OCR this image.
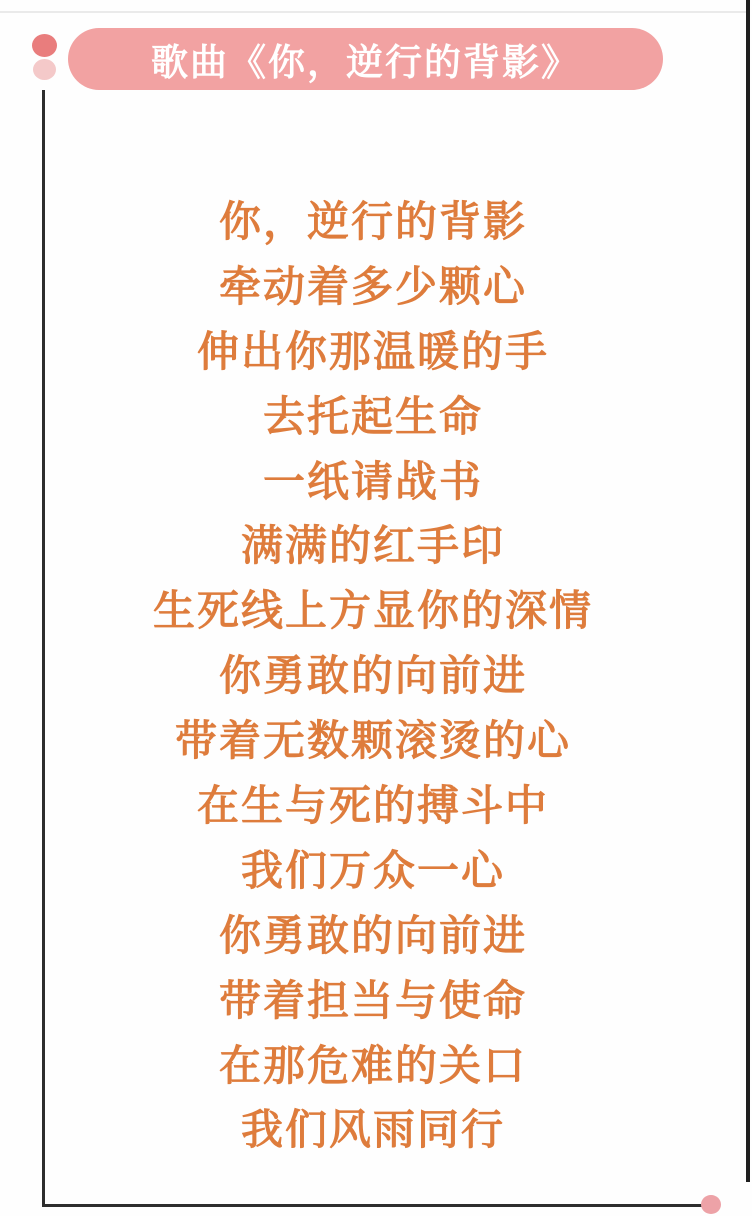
歌曲《你，逆行的背影》
你，逆行的背影
牵动着多少颗心
伸出你那温暖的手
去托起生命
一纸请战书
满满的红手印
生死线上方显你的深情
你勇敢的向前进
带着无数颗滚烫的心
在生与死的搏斗中
我们万众一心
你勇敢的向前进
带着担当与使命
在那危难的关口
我们风雨同行
